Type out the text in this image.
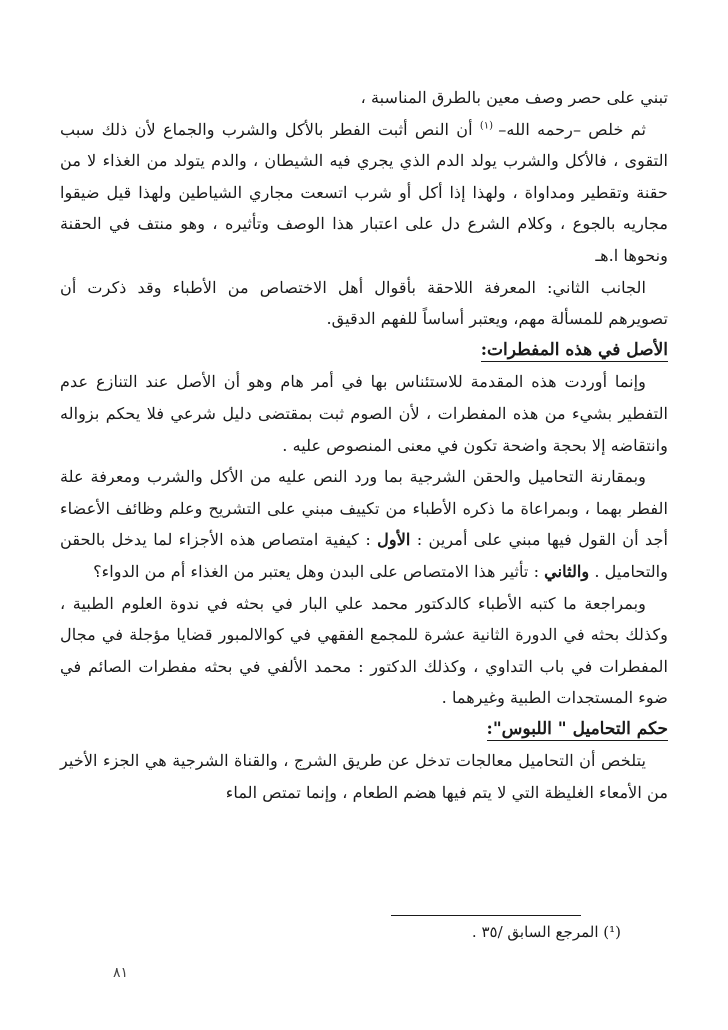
تبني على حصر وصف معين بالطرق المناسبة ،

ثم خلص –رحمه الله– $^{(١)}$ أن النص أثبت الفطر بالأكل والشرب والجماع لأن ذلك سبب التقوى ، فالأكل والشرب يولد الدم الذي يجري فيه الشيطان ، والدم يتولد من الغذاء لا من حقنة وتقطير ومداواة ، ولهذا إذا أكل أو شرب اتسعت مجاري الشياطين ولهذا قيل ضيقوا مجاريه بالجوع ، وكلام الشرع دل على اعتبار هذا الوصف وتأثيره ، وهو منتف في الحقنة ونحوها ا.هـ

الجانب الثاني: المعرفة اللاحقة بأقوال أهل الاختصاص من الأطباء وقد ذكرت أن تصويرهم للمسألة مهم، ويعتبر أساساً للفهم الدقيق.

الأصل في هذه المفطرات:

وإنما أوردت هذه المقدمة للاستئناس بها في أمر هام وهو أن الأصل عند التنازع عدم التفطير بشيء من هذه المفطرات ، لأن الصوم ثبت بمقتضى دليل شرعي فلا يحكم بزواله وانتقاضه إلا بحجة واضحة تكون في معنى المنصوص عليه .

وبمقارنة التحاميل والحقن الشرجية بما ورد النص عليه من الأكل والشرب ومعرفة علة الفطر بهما ، وبمراعاة ما ذكره الأطباء من تكييف مبني على التشريح وعلم وظائف الأعضاء أجد أن القول فيها مبني على أمرين : الأول : كيفية امتصاص هذه الأجزاء لما يدخل بالحقن والتحاميل . والثاني : تأثير هذا الامتصاص على البدن وهل يعتبر من الغذاء أم من الدواء؟

وبمراجعة ما كتبه الأطباء كالدكتور محمد علي البار في بحثه في ندوة العلوم الطبية ، وكذلك بحثه في الدورة الثانية عشرة للمجمع الفقهي في كوالالمبور قضايا مؤجلة في مجال المفطرات في باب التداوي ، وكذلك الدكتور : محمد الألفي في بحثه مفطرات الصائم في ضوء المستجدات الطبية وغيرهما .

حكم التحاميل " اللبوس":

يتلخص أن التحاميل معالجات تدخل عن طريق الشرج ، والقناة الشرجية هي الجزء الأخير من الأمعاء الغليظة التي لا يتم فيها هضم الطعام ، وإنما تمتص الماء

(¹) المرجع السابق /٣٥ .
٨١
